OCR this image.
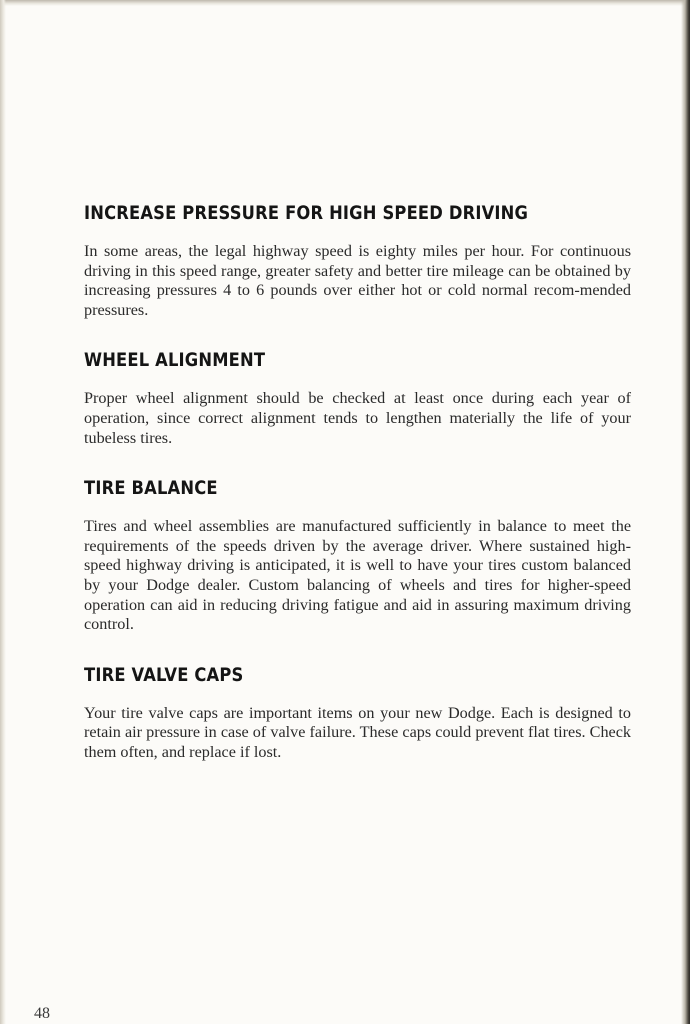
INCREASE PRESSURE FOR HIGH SPEED DRIVING

In some areas, the legal highway speed is eighty miles per hour. For continuous driving in this speed range, greater safety and better tire mileage can be obtained by increasing pressures 4 to 6 pounds over either hot or cold normal recom-mended pressures.

WHEEL ALIGNMENT

Proper wheel alignment should be checked at least once during each year of operation, since correct alignment tends to lengthen materially the life of your tubeless tires.

TIRE BALANCE

Tires and wheel assemblies are manufactured sufficiently in balance to meet the requirements of the speeds driven by the average driver. Where sustained high-speed highway driving is anticipated, it is well to have your tires custom balanced by your Dodge dealer. Custom balancing of wheels and tires for higher-speed operation can aid in reducing driving fatigue and aid in assuring maximum driving control.

TIRE VALVE CAPS

Your tire valve caps are important items on your new Dodge. Each is designed to retain air pressure in case of valve failure. These caps could prevent flat tires. Check them often, and replace if lost.

48
